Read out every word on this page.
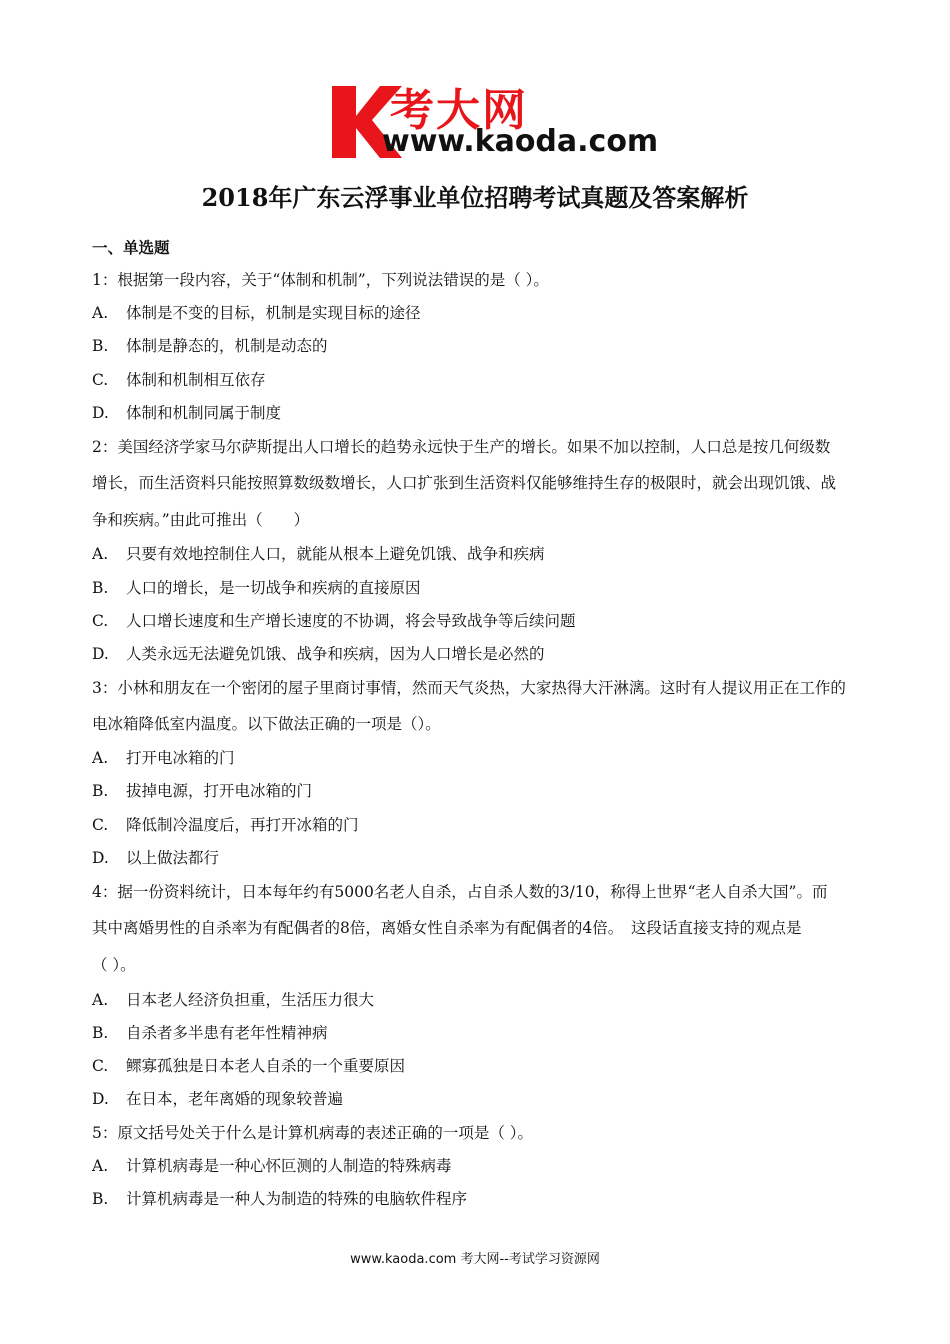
考大网
www.kaoda.com
2018年广东云浮事业单位招聘考试真题及答案解析
一、单选题
1：根据第一段内容，关于“体制和机制”，下列说法错误的是（ ）。
A. 体制是不变的目标，机制是实现目标的途径
B. 体制是静态的，机制是动态的
C. 体制和机制相互依存
D. 体制和机制同属于制度
2：美国经济学家马尔萨斯提出人口增长的趋势永远快于生产的增长。如果不加以控制，人口总是按几何级数
增长，而生活资料只能按照算数级数增长，人口扩张到生活资料仅能够维持生存的极限时，就会出现饥饿、战
争和疾病。”由此可推出（　　）
A. 只要有效地控制住人口，就能从根本上避免饥饿、战争和疾病
B. 人口的增长，是一切战争和疾病的直接原因
C. 人口增长速度和生产增长速度的不协调，将会导致战争等后续问题
D. 人类永远无法避免饥饿、战争和疾病，因为人口增长是必然的
3：小林和朋友在一个密闭的屋子里商讨事情，然而天气炎热，大家热得大汗淋漓。这时有人提议用正在工作的
电冰箱降低室内温度。以下做法正确的一项是（）。
A. 打开电冰箱的门
B. 拔掉电源，打开电冰箱的门
C. 降低制冷温度后，再打开冰箱的门
D. 以上做法都行
4：据一份资料统计，日本每年约有5000名老人自杀，占自杀人数的3/10，称得上世界“老人自杀大国”。而
其中离婚男性的自杀率为有配偶者的8倍，离婚女性自杀率为有配偶者的4倍。　这段话直接支持的观点是
（ ）。
A. 日本老人经济负担重，生活压力很大
B. 自杀者多半患有老年性精神病
C. 鳏寡孤独是日本老人自杀的一个重要原因
D. 在日本，老年离婚的现象较普遍
5：原文括号处关于什么是计算机病毒的表述正确的一项是（ ）。
A. 计算机病毒是一种心怀叵测的人制造的特殊病毒
B. 计算机病毒是一种人为制造的特殊的电脑软件程序
www.kaoda.com 考大网--考试学习资源网
